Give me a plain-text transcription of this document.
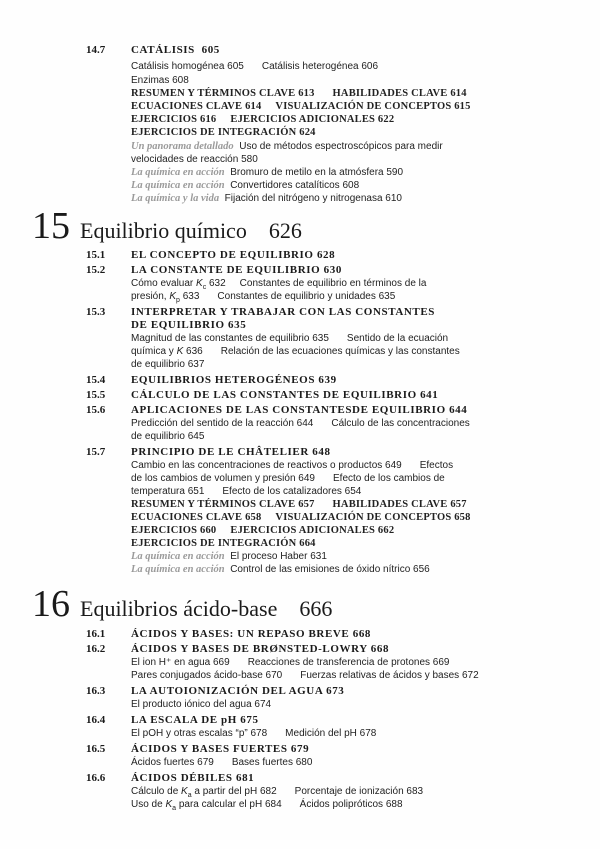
14.7 CATÁLISIS 605
Catálisis homogénea 605 Catálisis heterogénea 606
Enzimas 608
RESUMEN Y TÉRMINOS CLAVE 613 HABILIDADES CLAVE 614
ECUACIONES CLAVE 614 VISUALIZACIÓN DE CONCEPTOS 615
EJERCICIOS 616 EJERCICIOS ADICIONALES 622
EJERCICIOS DE INTEGRACIÓN 624
Un panorama detallado Uso de métodos espectroscópicos para medir
velocidades de reacción 580
La química en acción Bromuro de metilo en la atmósfera 590
La química en acción Convertidores catalíticos 608
La química y la vida Fijación del nitrógeno y nitrogenasa 610
15 Equilibrio químico 626
15.1 EL CONCEPTO DE EQUILIBRIO 628
15.2 LA CONSTANTE DE EQUILIBRIO 630
Cómo evaluar $K_c$ 632 Constantes de equilibrio en términos de la
presión, $K_p$ 633 Constantes de equilibrio y unidades 635
15.3 INTERPRETAR Y TRABAJAR CON LAS CONSTANTES
DE EQUILIBRIO 635
Magnitud de las constantes de equilibrio 635 Sentido de la ecuación
química y K 636 Relación de las ecuaciones químicas y las constantes
de equilibrio 637
15.4 EQUILIBRIOS HETEROGÉNEOS 639
15.5 CÁLCULO DE LAS CONSTANTES DE EQUILIBRIO 641
15.6 APLICACIONES DE LAS CONSTANTESDE EQUILIBRIO 644
Predicción del sentido de la reacción 644 Cálculo de las concentraciones
de equilibrio 645
15.7 PRINCIPIO DE LE CHÂTELIER 648
Cambio en las concentraciones de reactivos o productos 649 Efectos
de los cambios de volumen y presión 649 Efecto de los cambios de
temperatura 651 Efecto de los catalizadores 654
RESUMEN Y TÉRMINOS CLAVE 657 HABILIDADES CLAVE 657
ECUACIONES CLAVE 658 VISUALIZACIÓN DE CONCEPTOS 658
EJERCICIOS 660 EJERCICIOS ADICIONALES 662
EJERCICIOS DE INTEGRACIÓN 664
La química en acción El proceso Haber 631
La química en acción Control de las emisiones de óxido nítrico 656
16 Equilibrios ácido-base 666
16.1 ÁCIDOS Y BASES: UN REPASO BREVE 668
16.2 ÁCIDOS Y BASES DE BRØNSTED-LOWRY 668
El ion H⁺ en agua 669 Reacciones de transferencia de protones 669
Pares conjugados ácido-base 670 Fuerzas relativas de ácidos y bases 672
16.3 LA AUTOIONIZACIÓN DEL AGUA 673
El producto iónico del agua 674
16.4 LA ESCALA DE pH 675
El pOH y otras escalas “p” 678 Medición del pH 678
16.5 ÁCIDOS Y BASES FUERTES 679
Ácidos fuertes 679 Bases fuertes 680
16.6 ÁCIDOS DÉBILES 681
Cálculo de $K_a$ a partir del pH 682 Porcentaje de ionización 683
Uso de $K_a$ para calcular el pH 684 Ácidos polipróticos 688
